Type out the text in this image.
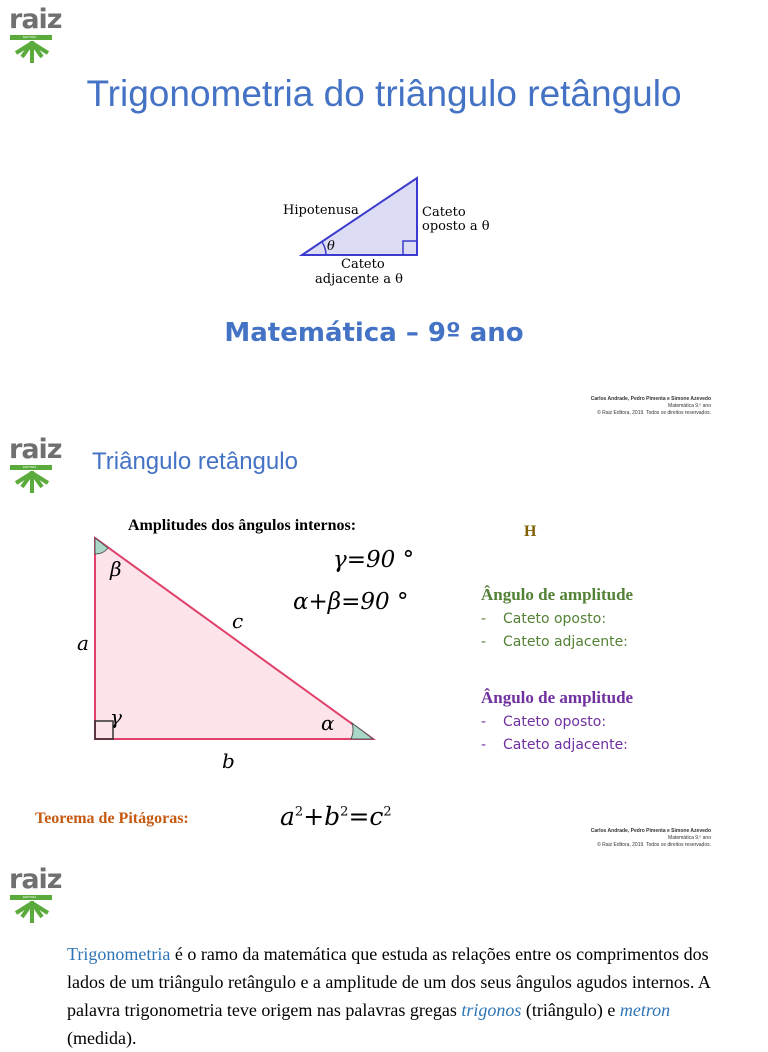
raiz
EDITORA
Trigonometria do triângulo retângulo
Hipotenusa	Cateto
oposto a θ
θ
Cateto
adjacente a θ
Matemática – 9º ano
Carlos Andrade, Pedro Pimenta e Simone Azevedo
Matemática 9.º ano
© Raiz Editora, 2019. Todos os direitos reservados.
raiz
EDITORA Triângulo retângulo
Amplitudes dos ângulos internos:
β
a
c
γ	α
b
γ=90 °
α+β=90 °
H
Ângulo de amplitude
- Cateto oposto:
- Cateto adjacente:
Ângulo de amplitude
- Cateto oposto:
- Cateto adjacente:
Teorema de Pitágoras:	$a^2+b^2=c^2$
Carlos Andrade, Pedro Pimenta e Simone Azevedo
Matemática 9.º ano
© Raiz Editora, 2019. Todos os direitos reservados.
raiz
EDITORA

Trigonometria é o ramo da matemática que estuda as relações entre os comprimentos dos lados de um triângulo retângulo e a amplitude de um dos seus ângulos agudos internos. A palavra trigonometria teve origem nas palavras gregas trigonos (triângulo) e metron (medida).
